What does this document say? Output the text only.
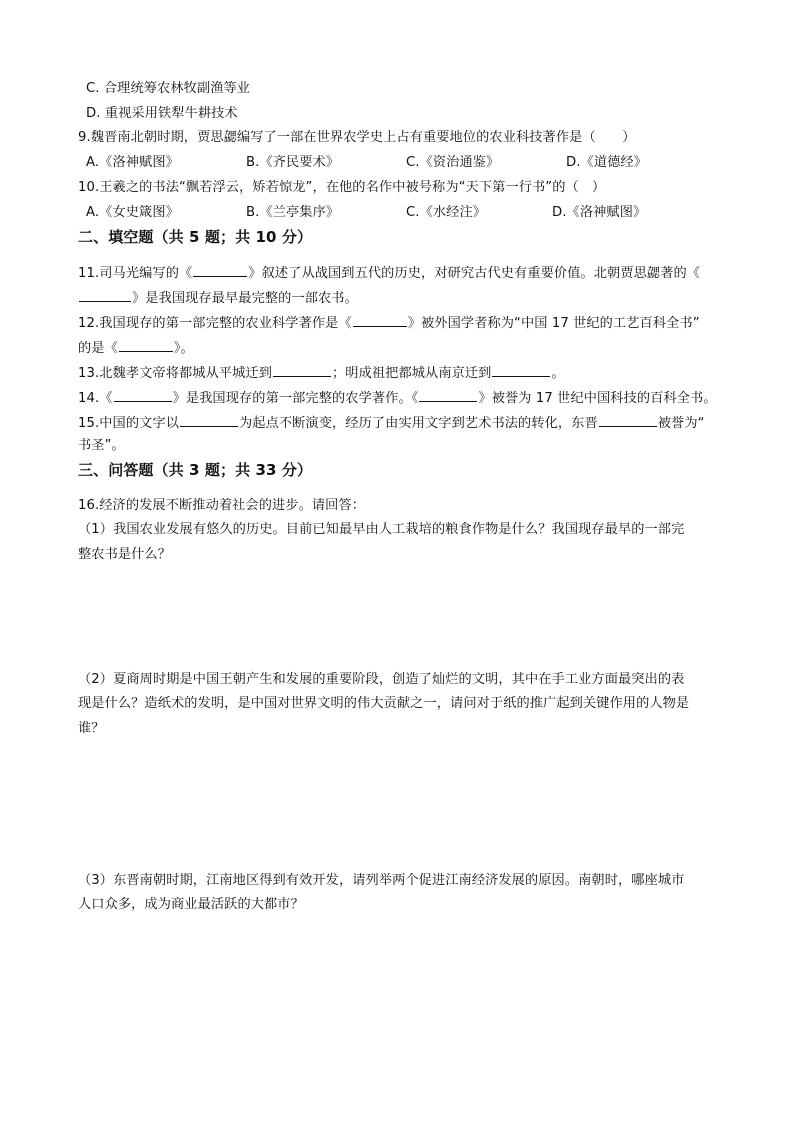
C. 合理统筹农林牧副渔等业
D. 重视采用铁犁牛耕技术
9.魏晋南北朝时期，贾思勰编写了一部在世界农学史上占有重要地位的农业科技著作是（　　）
A.《洛神赋图》	B.《齐民要术》	C.《资治通鉴》	D.《道德经》
10.王羲之的书法“飘若浮云，矫若惊龙”，在他的名作中被号称为“天下第一行书”的（　）
A.《女史箴图》	B.《兰亭集序》	C.《水经注》	D.《洛神赋图》
二、填空题（共 5 题；共 10 分）
11.司马光编写的《	》叙述了从战国到五代的历史，对研究古代史有重要价值。北朝贾思勰著的《
》是我国现存最早最完整的一部农书。
12.我国现存的第一部完整的农业科学著作是《	》被外国学者称为“中国 17 世纪的工艺百科全书”
的是《	》。
13.北魏孝文帝将都城从平城迁到	；明成祖把都城从南京迁到	。
14.《	》是我国现存的第一部完整的农学著作。《	》被誉为 17 世纪中国科技的百科全书。
15.中国的文字以	为起点不断演变，经历了由实用文字到艺术书法的转化，东晋	被誉为“
书圣”。
三、问答题（共 3 题；共 33 分）
16.经济的发展不断推动着社会的进步。请回答：
（1）我国农业发展有悠久的历史。目前已知最早由人工栽培的粮食作物是什么？我国现存最早的一部完
整农书是什么？
（2）夏商周时期是中国王朝产生和发展的重要阶段，创造了灿烂的文明，其中在手工业方面最突出的表
现是什么？造纸术的发明，是中国对世界文明的伟大贡献之一，请问对于纸的推广起到关键作用的人物是
谁？
（3）东晋南朝时期，江南地区得到有效开发，请列举两个促进江南经济发展的原因。南朝时，哪座城市
人口众多，成为商业最活跃的大都市？
